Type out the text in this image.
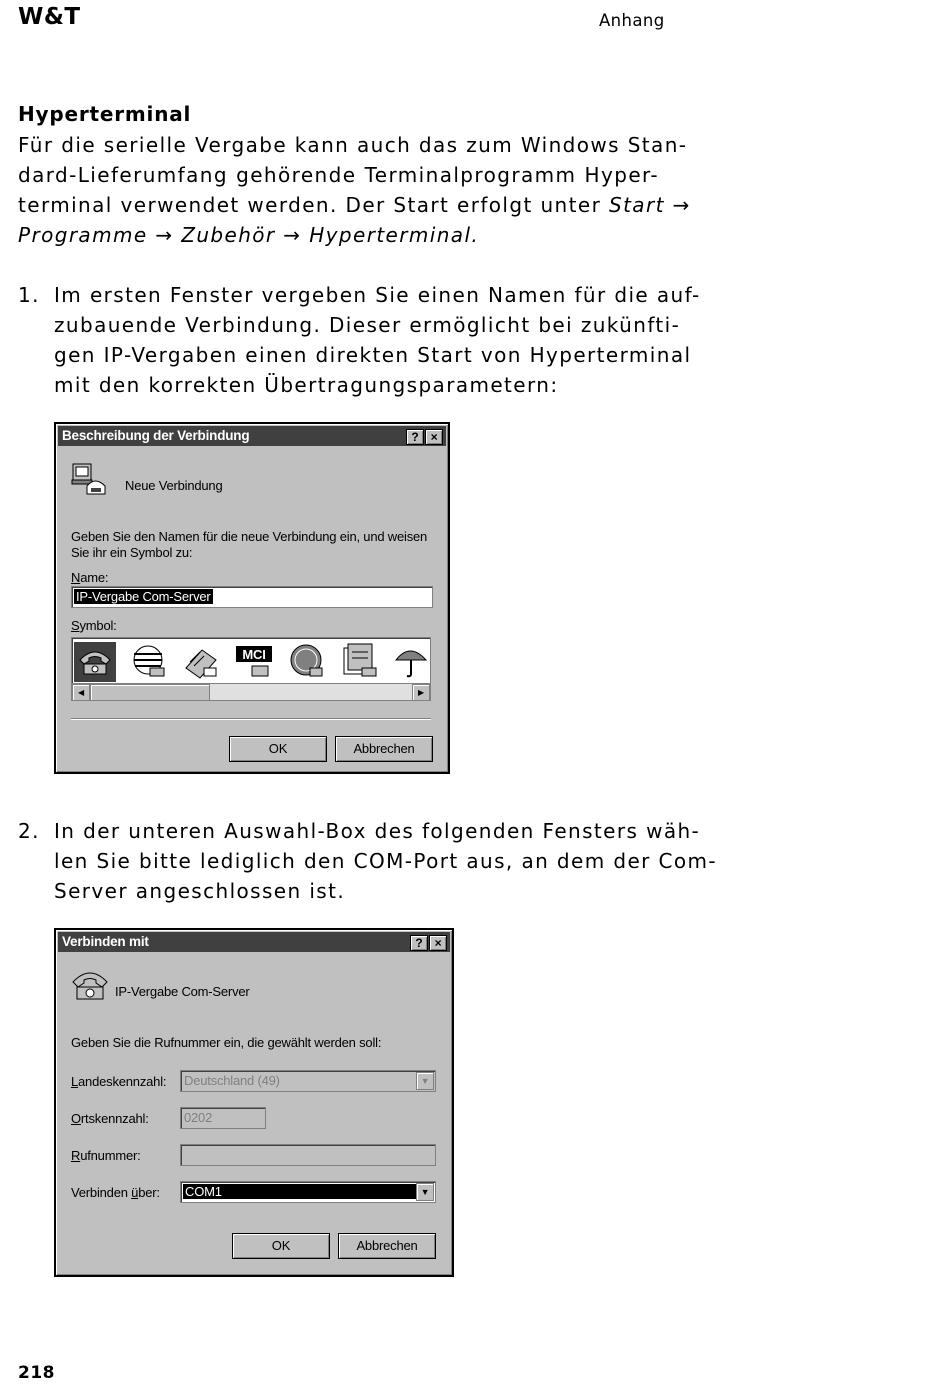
W&T	Anhang
Hyperterminal
Für die serielle Vergabe kann auch das zum Windows Stan-
dard-Lieferumfang gehörende Terminalprogramm Hyper-
terminal verwendet werden. Der Start erfolgt unter Start →
Programme → Zubehör → Hyperterminal.
1. Im ersten Fenster vergeben Sie einen Namen für die auf-
zubauende Verbindung. Dieser ermöglicht bei zukünfti-
gen IP-Vergaben einen direkten Start von Hyperterminal
mit den korrekten Übertragungsparametern:
Beschreibung der Verbindung	?	×
Neue Verbindung
Geben Sie den Namen für die neue Verbindung ein, und weisen
Sie ihr ein Symbol zu:
Name:
IP-Vergabe Com-Server
Symbol:
MCI
◀	▶
OK	Abbrechen
2. In der unteren Auswahl-Box des folgenden Fensters wäh-
len Sie bitte lediglich den COM-Port aus, an dem der Com-
Server angeschlossen ist.
Verbinden mit	?	×
IP-Vergabe Com-Server
Geben Sie die Rufnummer ein, die gewählt werden soll:
Landeskennzahl: Deutschland (49)	▼
Ortskennzahl:	0202
Rufnummer:
Verbinden über: COM1	▼
OK	Abbrechen
218
